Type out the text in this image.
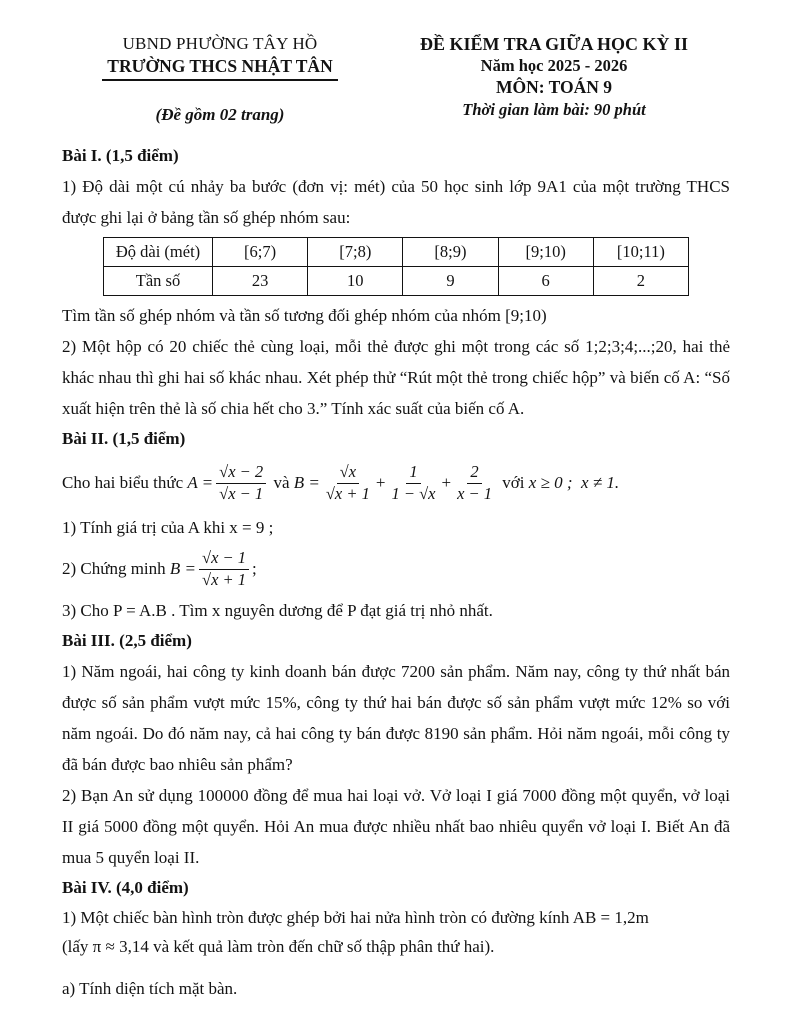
UBND PHƯỜNG TÂY HỒ
TRƯỜNG THCS NHẬT TÂN
(Đề gồm 02 trang)
ĐỀ KIỂM TRA GIỮA HỌC KỲ II
Năm học 2025 - 2026
MÔN: TOÁN 9
Thời gian làm bài: 90 phút

Bài I. (1,5 điểm)

1) Độ dài một cú nhảy ba bước (đơn vị: mét) của 50 học sinh lớp 9A1 của một trường THCS được ghi lại ở bảng tần số ghép nhóm sau:

Độ dài (mét)	[6;7)	[7;8)	[8;9)	[9;10)	[10;11)
Tần số	23	10	9	6	2

Tìm tần số ghép nhóm và tần số tương đối ghép nhóm của nhóm [9;10)

2) Một hộp có 20 chiếc thẻ cùng loại, mỗi thẻ được ghi một trong các số 1;2;3;4;...;20, hai thẻ khác nhau thì ghi hai số khác nhau. Xét phép thử “Rút một thẻ trong chiếc hộp” và biến cố A: “Số xuất hiện trên thẻ là số chia hết cho 3.” Tính xác suất của biến cố A.

Bài II. (1,5 điểm)

Cho hai biểu thức $A = \frac{√x - 2}{√x - 1}$ và $B = \frac{√x}{√x + 1} + \frac{1}{1 - √x} + \frac{2}{x - 1}$ với x ≥ 0 ;  x ≠ 1.

1) Tính giá trị của A khi x = 9 ;

2) Chứng minh $B = \frac{√x - 1}{√x + 1}$ ;

3) Cho P = A.B . Tìm x nguyên dương để P đạt giá trị nhỏ nhất.

Bài III. (2,5 điểm)

1) Năm ngoái, hai công ty kinh doanh bán được 7200 sản phẩm. Năm nay, công ty thứ nhất bán được số sản phẩm vượt mức 15%, công ty thứ hai bán được số sản phẩm vượt mức 12% so với năm ngoái. Do đó năm nay, cả hai công ty bán được 8190 sản phẩm. Hỏi năm ngoái, mỗi công ty đã bán được bao nhiêu sản phẩm?

2) Bạn An sử dụng 100000 đồng để mua hai loại vở. Vở loại I giá 7000 đồng một quyển, vở loại II giá 5000 đồng một quyển. Hỏi An mua được nhiều nhất bao nhiêu quyển vở loại I. Biết An đã mua 5 quyển loại II.

Bài IV. (4,0 điểm)

1) Một chiếc bàn hình tròn được ghép bởi hai nửa hình tròn có đường kính AB = 1,2m

(lấy π ≈ 3,14 và kết quả làm tròn đến chữ số thập phân thứ hai).

a) Tính diện tích mặt bàn.
